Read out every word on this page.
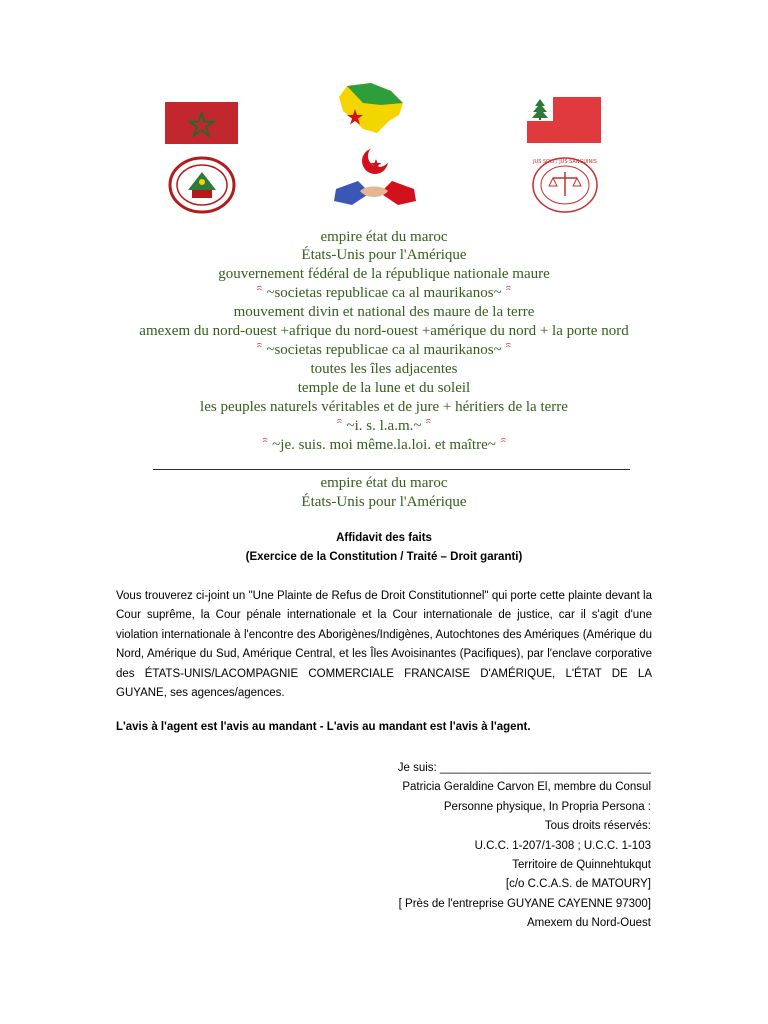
JUS SOLI / JUS SANGUINIS
empire état du maroc
États-Unis pour l'Amérique
gouvernement fédéral de la république nationale maure
~societas republicae ca al maurikanos~
mouvement divin et national des maure de la terre
amexem du nord-ouest +afrique du nord-ouest +amérique du nord + la porte nord
~societas republicae ca al maurikanos~
toutes les îles adjacentes
temple de la lune et du soleil
les peuples naturels véritables et de jure + héritiers de la terre
~i. s. l.a.m.~
~je. suis. moi même.la.loi. et maître~
empire état du maroc
États-Unis pour l'Amérique
Affidavit des faits
(Exercice de la Constitution / Traité – Droit garanti)
Vous trouverez ci-joint un "Une Plainte de Refus de Droit Constitutionnel" qui porte cette plainte devant la Cour suprême, la Cour pénale internationale et la Cour internationale de justice, car il s'agit d'une violation internationale à l'encontre des Aborigènes/Indigènes, Autochtones des Amériques (Amérique du Nord, Amérique du Sud, Amérique Central, et les Îles Avoisinantes (Pacifiques), par l'enclave corporative des ÉTATS-UNIS/LACOMPAGNIE COMMERCIALE FRANCAISE D'AMÉRIQUE, L'ÉTAT DE LA GUYANE, ses agences/agences.
L'avis à l'agent est l'avis au mandant - L'avis au mandant est l'avis à l'agent.
Je suis: _________________________________
Patricia Geraldine Carvon El, membre du Consul
Personne physique, In Propria Persona :
Tous droits réservés:
U.C.C. 1-207/1-308 ; U.C.C. 1-103
Territoire de Quinnehtukqut
[c/o C.C.A.S. de MATOURY]
[ Près de l'entreprise GUYANE CAYENNE 97300]
Amexem du Nord-Ouest
